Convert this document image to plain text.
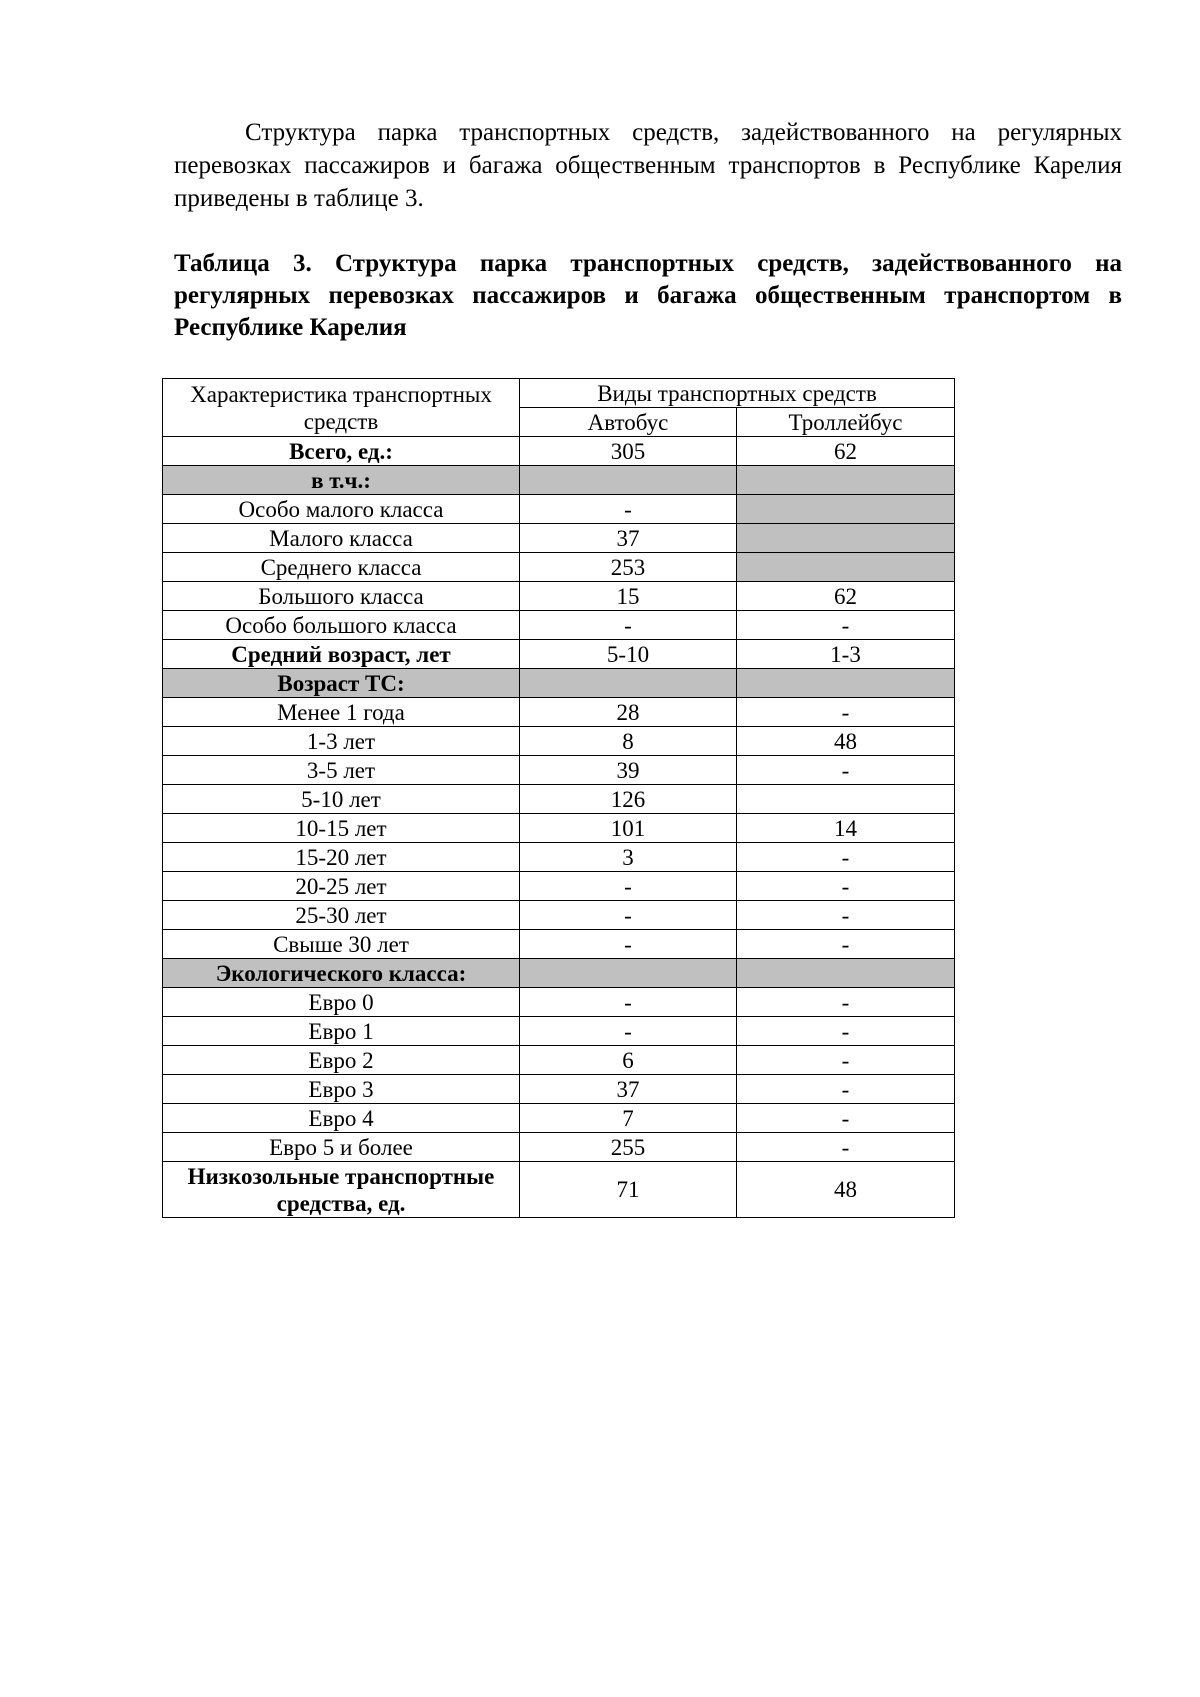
Структура парка транспортных средств, задействованного на регулярных перевозках пассажиров и багажа общественным транспортов в Республике Карелия приведены в таблице 3.

Таблица 3. Структура парка транспортных средств, задействованного на регулярных перевозках пассажиров и багажа общественным транспортом в Республике Карелия

Характеристика транспортных средств	Виды транспортных средств	
	Автобус	Троллейбус
Всего, ед.:	305	62
в т.ч.:		
Особо малого класса	-	
Малого класса	37	
Среднего класса	253	
Большого класса	15	62
Особо большого класса	-	-
Средний возраст, лет	5-10	1-3
Возраст ТС:		
Менее 1 года	28	-
1-3 лет	8	48
3-5 лет	39	-
5-10 лет	126	
10-15 лет	101	14
15-20 лет	3	-
20-25 лет	-	-
25-30 лет	-	-
Свыше 30 лет	-	-
Экологического класса:		
Евро 0	-	-
Евро 1	-	-
Евро 2	6	-
Евро 3	37	-
Евро 4	7	-
Евро 5 и более	255	-
Низкозольные транспортные средства, ед.	71	48
